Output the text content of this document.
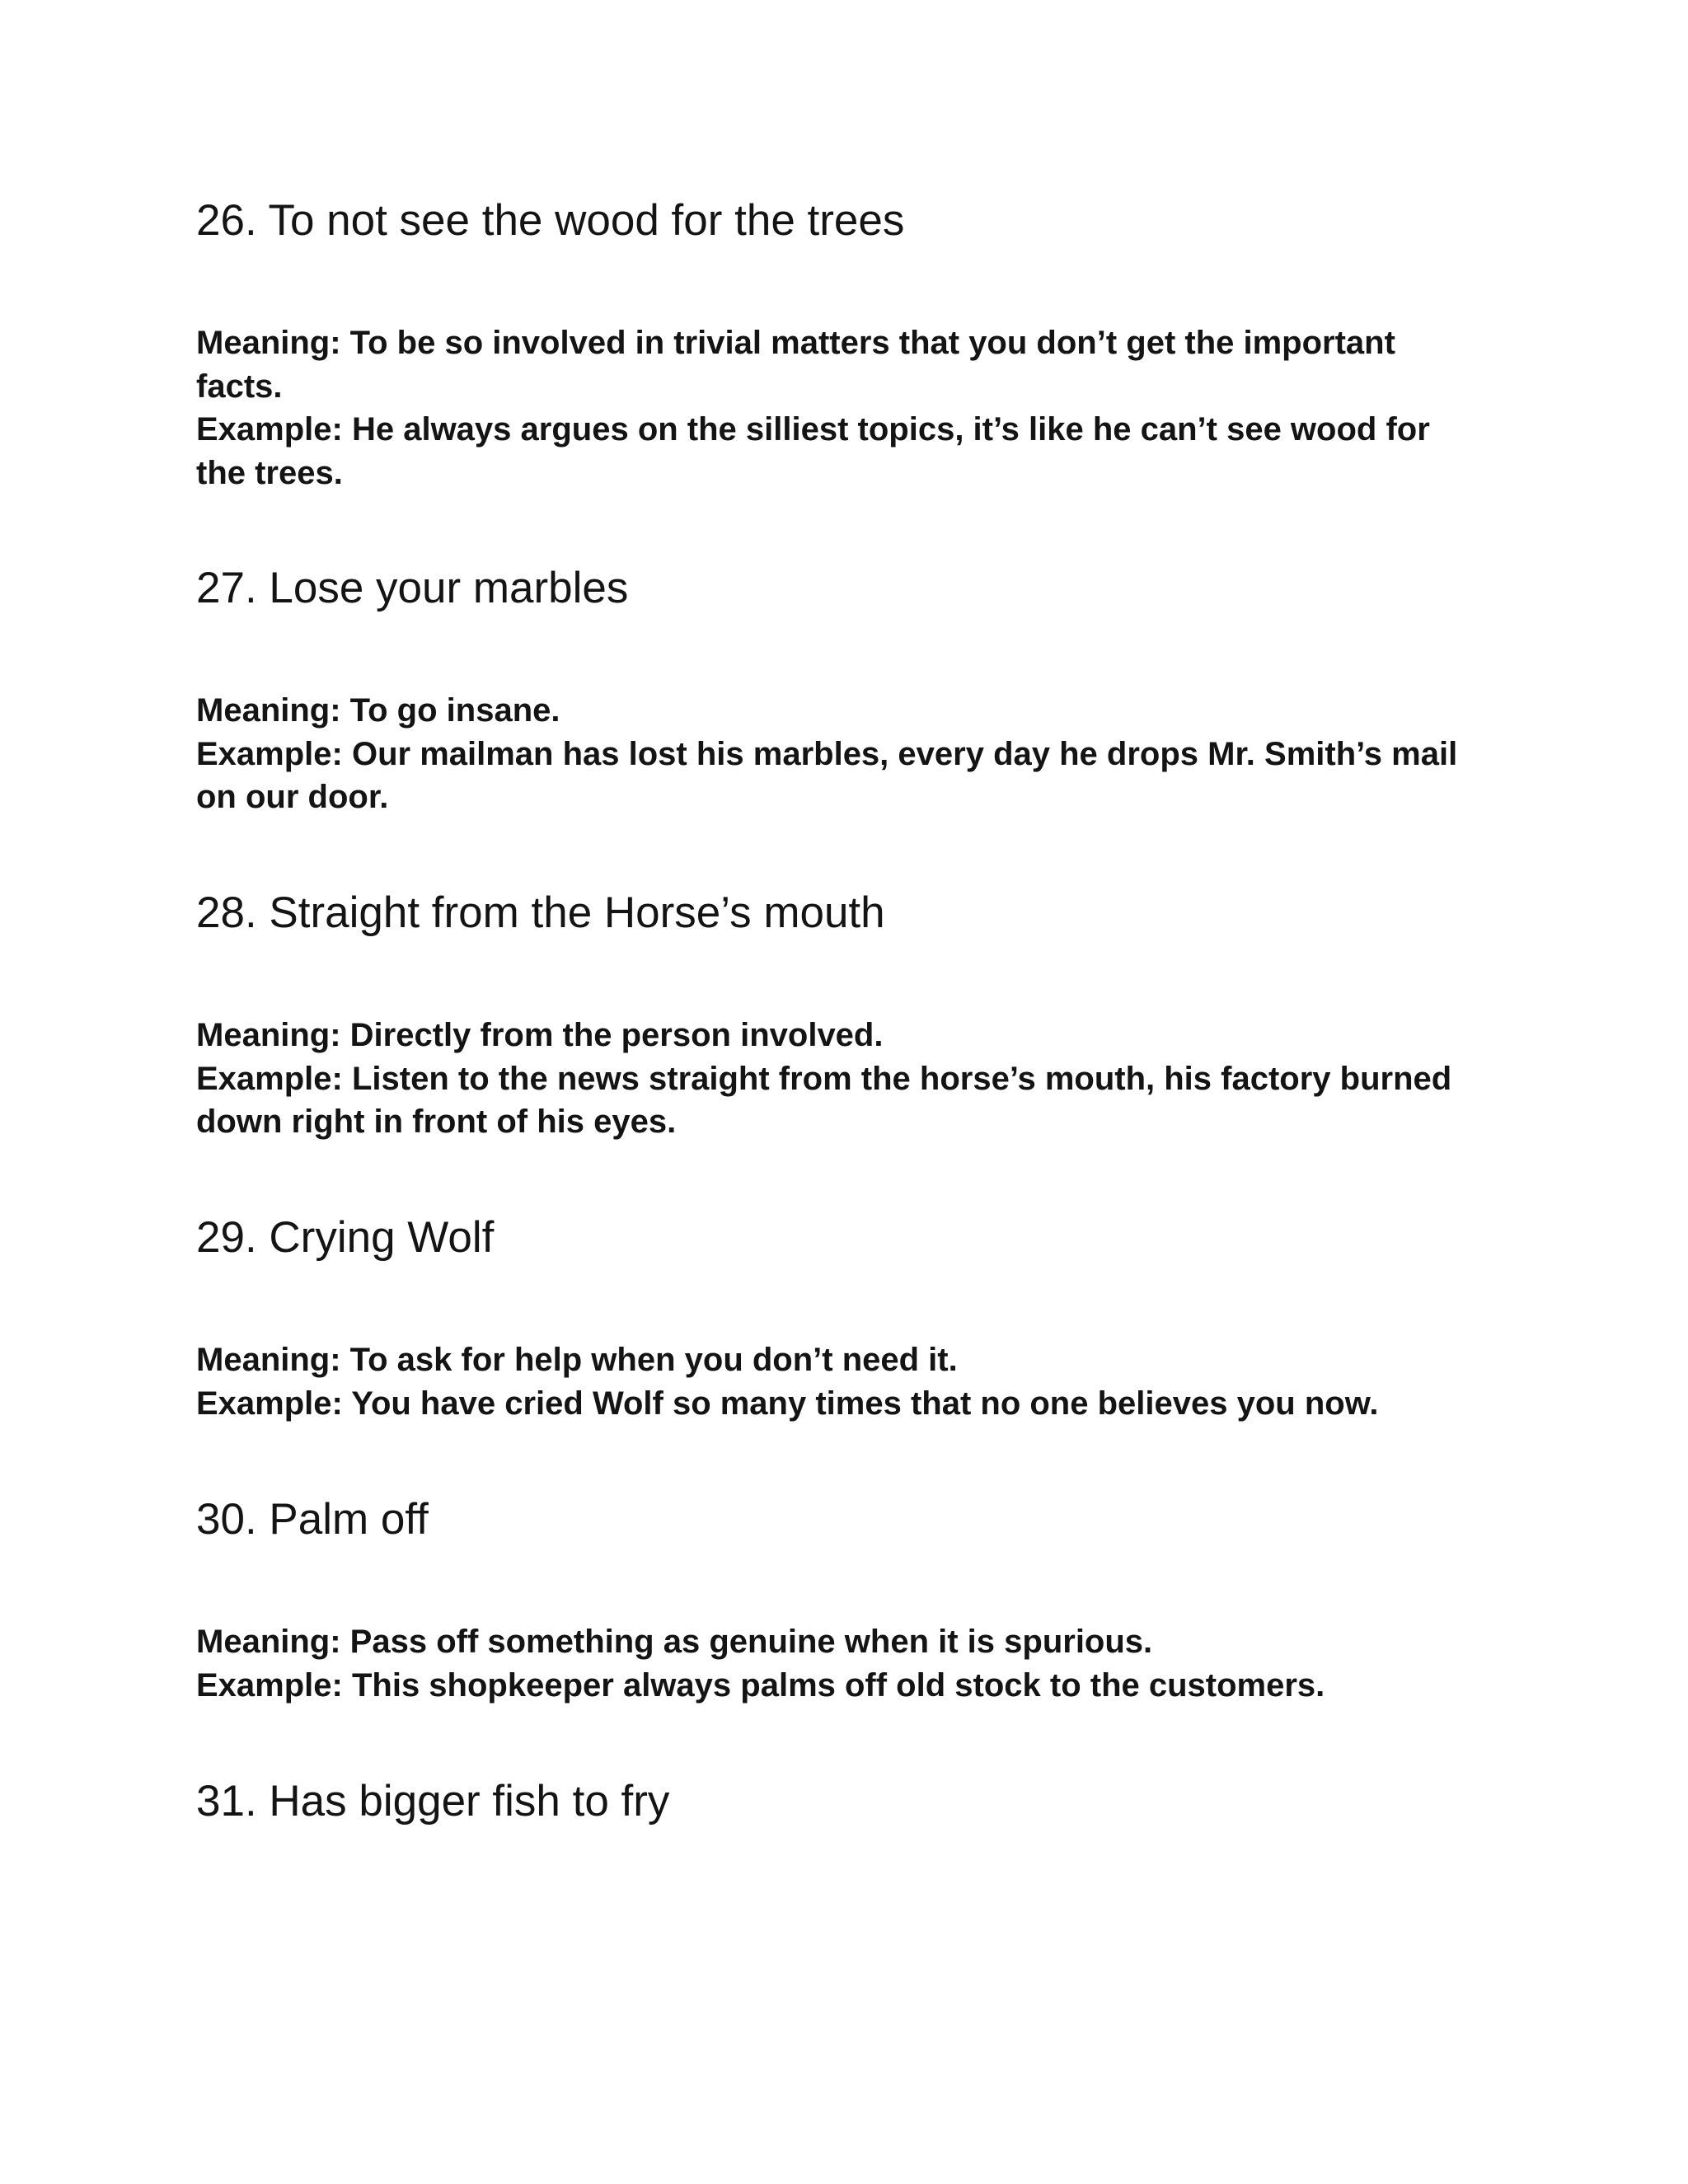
26. To not see the wood for the trees

Meaning: To be so involved in trivial matters that you don’t get the important facts.

Example: He always argues on the silliest topics, it’s like he can’t see wood for the trees.

27. Lose your marbles

Meaning: To go insane.

Example: Our mailman has lost his marbles, every day he drops Mr. Smith’s mail on our door.

28. Straight from the Horse’s mouth

Meaning: Directly from the person involved.

Example: Listen to the news straight from the horse’s mouth, his factory burned down right in front of his eyes.

29. Crying Wolf

Meaning: To ask for help when you don’t need it.

Example: You have cried Wolf so many times that no one believes you now.

30. Palm off

Meaning: Pass off something as genuine when it is spurious.

Example: This shopkeeper always palms off old stock to the customers.

31. Has bigger fish to fry
